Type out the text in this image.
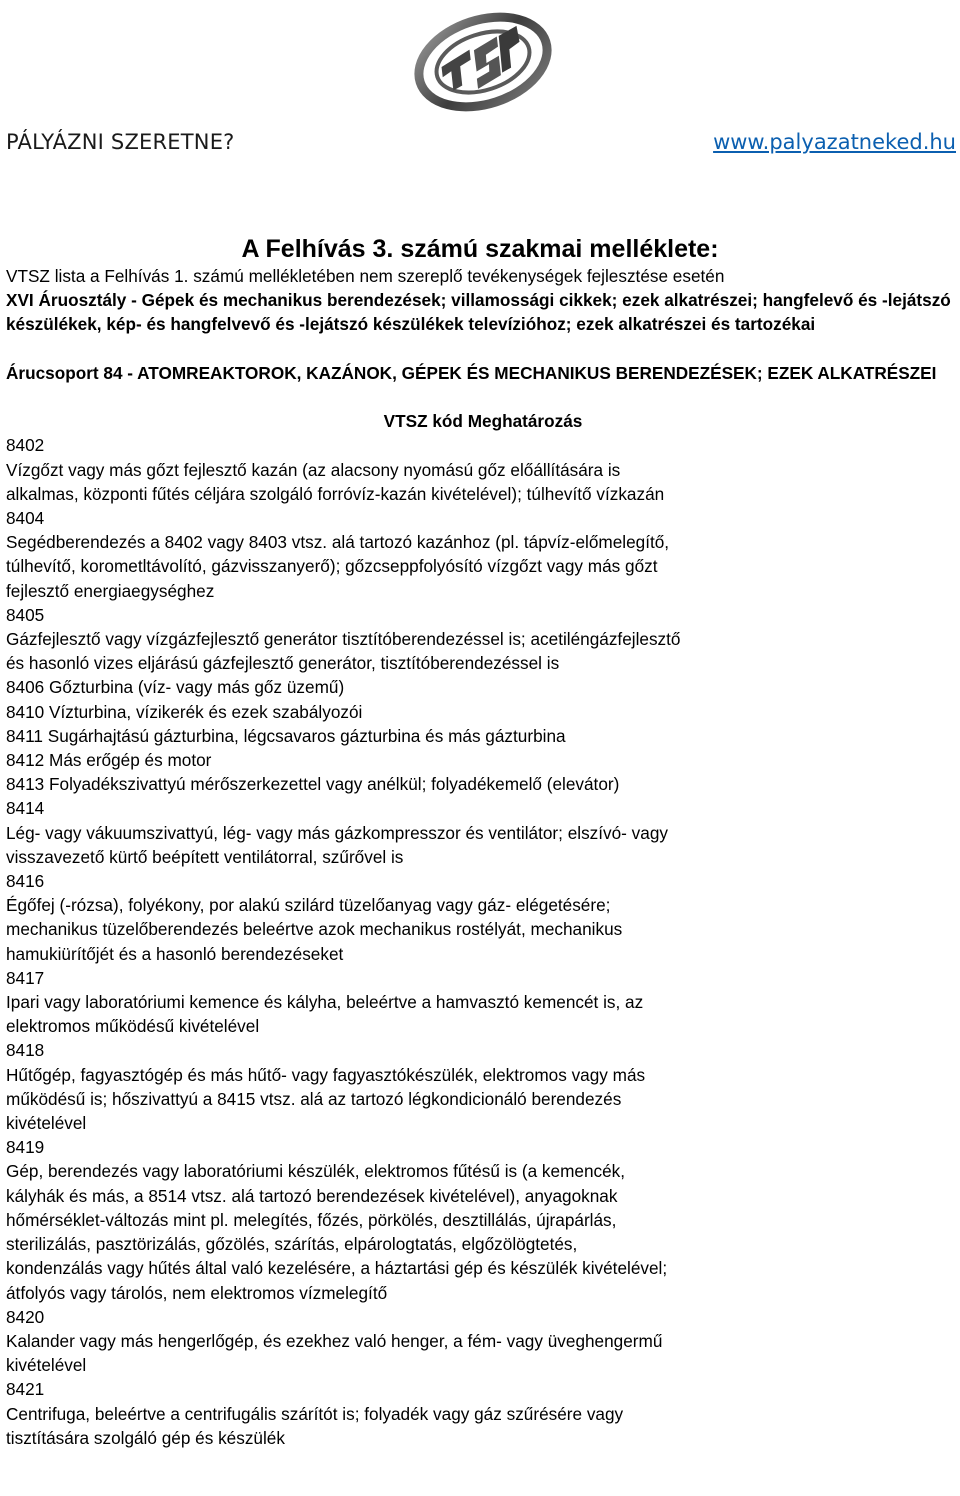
PÁLYÁZNI SZERETNE?	www.palyazatneked.hu
A Felhívás 3. számú szakmai melléklete:

VTSZ lista a Felhívás 1. számú mellékletében nem szereplő tevékenységek fejlesztése esetén

XVI Áruosztály - Gépek és mechanikus berendezések; villamossági cikkek; ezek alkatrészei; hangfelevő és -lejátszó készülékek, kép- és hangfelvevő és -lejátszó készülékek televízióhoz; ezek alkatrészei és tartozékai

Árucsoport 84 - ATOMREAKTOROK, KAZÁNOK, GÉPEK ÉS MECHANIKUS BERENDEZÉSEK; EZEK ALKATRÉSZEI

VTSZ kód Meghatározás

8402

Vízgőzt vagy más gőzt fejlesztő kazán (az alacsony nyomású gőz előállítására is

alkalmas, központi fűtés céljára szolgáló forróvíz-kazán kivételével); túlhevítő vízkazán

8404

Segédberendezés a 8402 vagy 8403 vtsz. alá tartozó kazánhoz (pl. tápvíz-előmelegítő,

túlhevítő, korometltávolító, gázvisszanyerő); gőzcseppfolyósító vízgőzt vagy más gőzt

fejlesztő energiaegységhez

8405

Gázfejlesztő vagy vízgázfejlesztő generátor tisztítóberendezéssel is; acetiléngázfejlesztő

és hasonló vizes eljárású gázfejlesztő generátor, tisztítóberendezéssel is

8406 Gőzturbina (víz- vagy más gőz üzemű)

8410 Vízturbina, vízikerék és ezek szabályozói

8411 Sugárhajtású gázturbina, légcsavaros gázturbina és más gázturbina

8412 Más erőgép és motor

8413 Folyadékszivattyú mérőszerkezettel vagy anélkül; folyadékemelő (elevátor)

8414

Lég- vagy vákuumszivattyú, lég- vagy más gázkompresszor és ventilátor; elszívó- vagy

visszavezető kürtő beépített ventilátorral, szűrővel is

8416

Égőfej (-rózsa), folyékony, por alakú szilárd tüzelőanyag vagy gáz- elégetésére;

mechanikus tüzelőberendezés beleértve azok mechanikus rostélyát, mechanikus

hamukiürítőjét és a hasonló berendezéseket

8417

Ipari vagy laboratóriumi kemence és kályha, beleértve a hamvasztó kemencét is, az

elektromos működésű kivételével

8418

Hűtőgép, fagyasztógép és más hűtő- vagy fagyasztókészülék, elektromos vagy más

működésű is; hőszivattyú a 8415 vtsz. alá az tartozó légkondicionáló berendezés

kivételével

8419

Gép, berendezés vagy laboratóriumi készülék, elektromos fűtésű is (a kemencék,

kályhák és más, a 8514 vtsz. alá tartozó berendezések kivételével), anyagoknak

hőmérséklet-változás mint pl. melegítés, főzés, pörkölés, desztillálás, újrapárlás,

sterilizálás, pasztörizálás, gőzölés, szárítás, elpárologtatás, elgőzölögtetés,

kondenzálás vagy hűtés által való kezelésére, a háztartási gép és készülék kivételével;

átfolyós vagy tárolós, nem elektromos vízmelegítő

8420

Kalander vagy más hengerlőgép, és ezekhez való henger, a fém- vagy üveghengermű

kivételével

8421

Centrifuga, beleértve a centrifugális szárítót is; folyadék vagy gáz szűrésére vagy

tisztítására szolgáló gép és készülék
